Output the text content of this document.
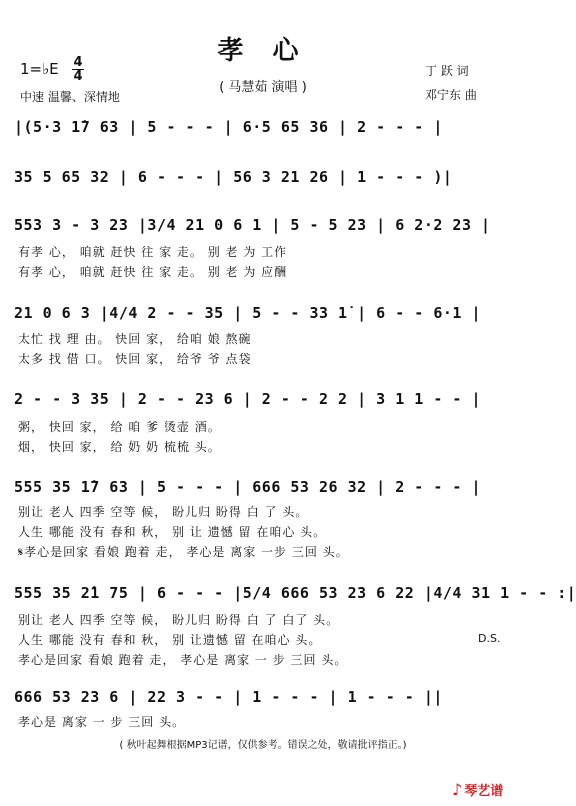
孝 心
( 马慧茹 演唱 )
1=♭E 4
4
中速 温馨、深情地
丁 跃 词
邓宁东 曲
|(5·3 1̇7 63 | 5 - - - | 6·5 65 36 | 2 - - - |
35 5 65 32 | 6 - - - | 56 3 21 26 | 1 - - - )|
553 3 - 3 23 |3/4 21 0 6 1 | 5 - 5 23 | 6 2·2 23 |
有孝 心， 咱就 赶快 往 家 走。 别 老 为 工作
有孝 心， 咱就 赶快 往 家 走。 别 老 为 应酬
21 0 6 3 |4/4 2 - - 35 | 5 - - 33 1̇ | 6 - - 6·1 |
太忙 找 理 由。 快回 家， 给咱 娘 熬碗
太多 找 借 口。 快回 家， 给爷 爷 点袋
2 - - 3 35 | 2 - - 23 6 | 2 - - 2 2 | 3 1 1 - - |
粥， 快回 家， 给 咱 爹 烫壶 酒。
烟， 快回 家， 给 奶 奶 梳梳 头。
555 35 1̇7 63 | 5 - - - | 666 53 26 32 | 2 - - - |
别让 老人 四季 空等 候， 盼儿归 盼得 白 了 头。
人生 哪能 没有 春和 秋， 别 让 遗憾 留 在咱心 头。
𝄋孝心是回家 看娘 跑着 走， 孝心是 离家 一步 三回 头。
555 35 2̇1 75 | 6 - - - |5/4 666 53 23 6 22 |4/4 31 1 - - :|
别让 老人 四季 空等 候， 盼儿归 盼得 白 了 白了 头。
人生 哪能 没有 春和 秋， 别 让遗憾 留 在咱心 头。	D.S.
孝心是回家 看娘 跑着 走， 孝心是 离家 一 步 三回 头。
666 53 23 6 | 22 3 - - | 1 - - - | 1 - - - ||
孝心是 离家 一 步 三回 头。
( 秋叶起舞根据MP3记谱，仅供参考。错误之处，敬请批评指正。)
♪ 琴艺谱
